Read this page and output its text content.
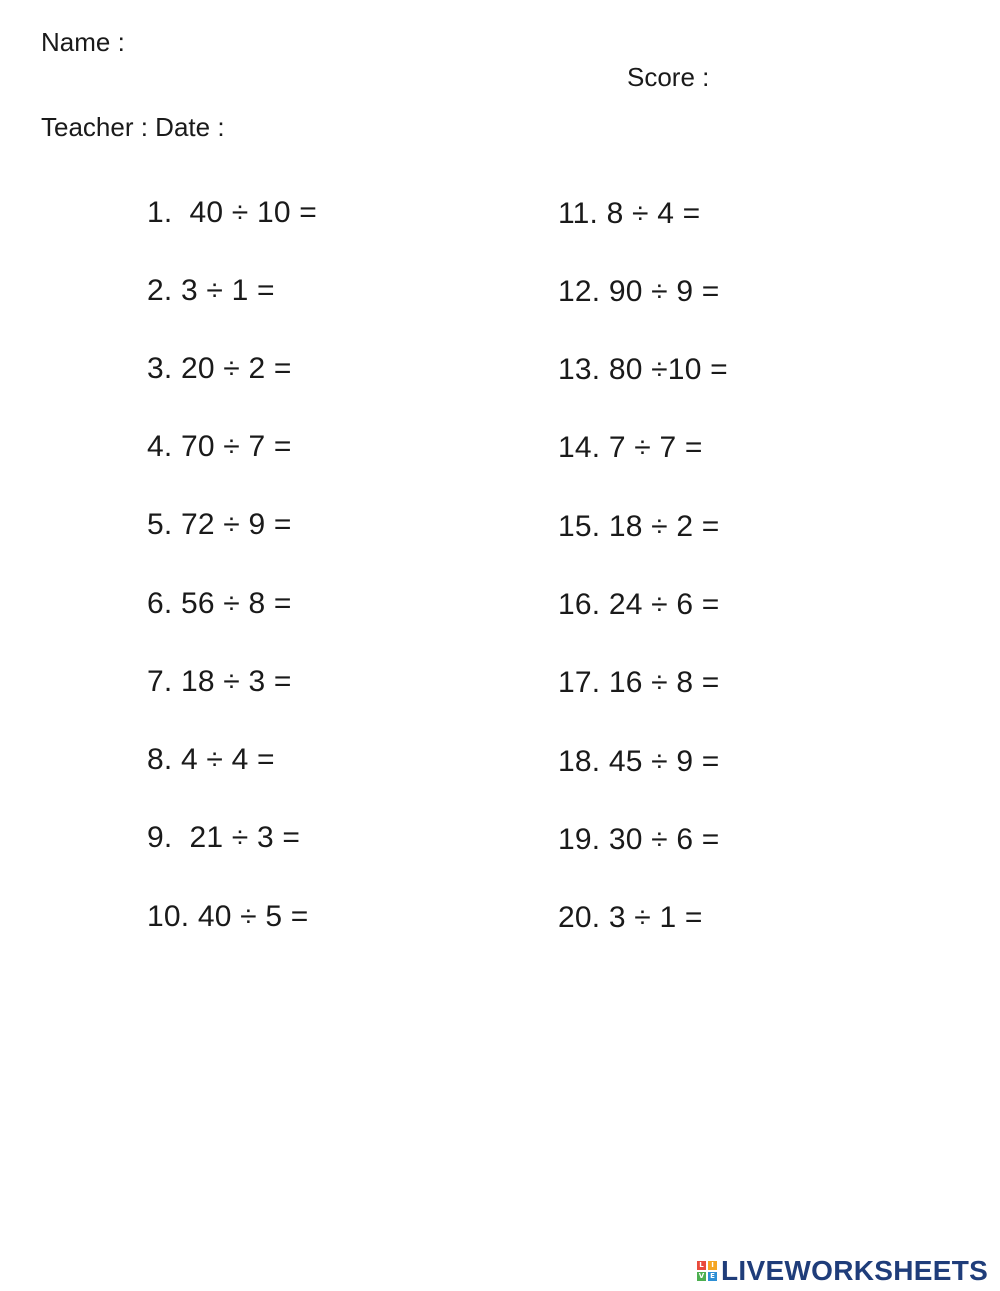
Name :
Score :
Teacher : Date :
1.  40 ÷ 10 =
2. 3 ÷ 1 =
3. 20 ÷ 2 =
4. 70 ÷ 7 =
5. 72 ÷ 9 =
6. 56 ÷ 8 =
7. 18 ÷ 3 =
8. 4 ÷ 4 =
9.  21 ÷ 3 =
10. 40 ÷ 5 =
11. 8 ÷ 4 =
12. 90 ÷ 9 =
13. 80 ÷10 =
14. 7 ÷ 7 =
15. 18 ÷ 2 =
16. 24 ÷ 6 =
17. 16 ÷ 8 =
18. 45 ÷ 9 =
19. 30 ÷ 6 =
20. 3 ÷ 1 =
L	I
V E LIVEWORKSHEETS
